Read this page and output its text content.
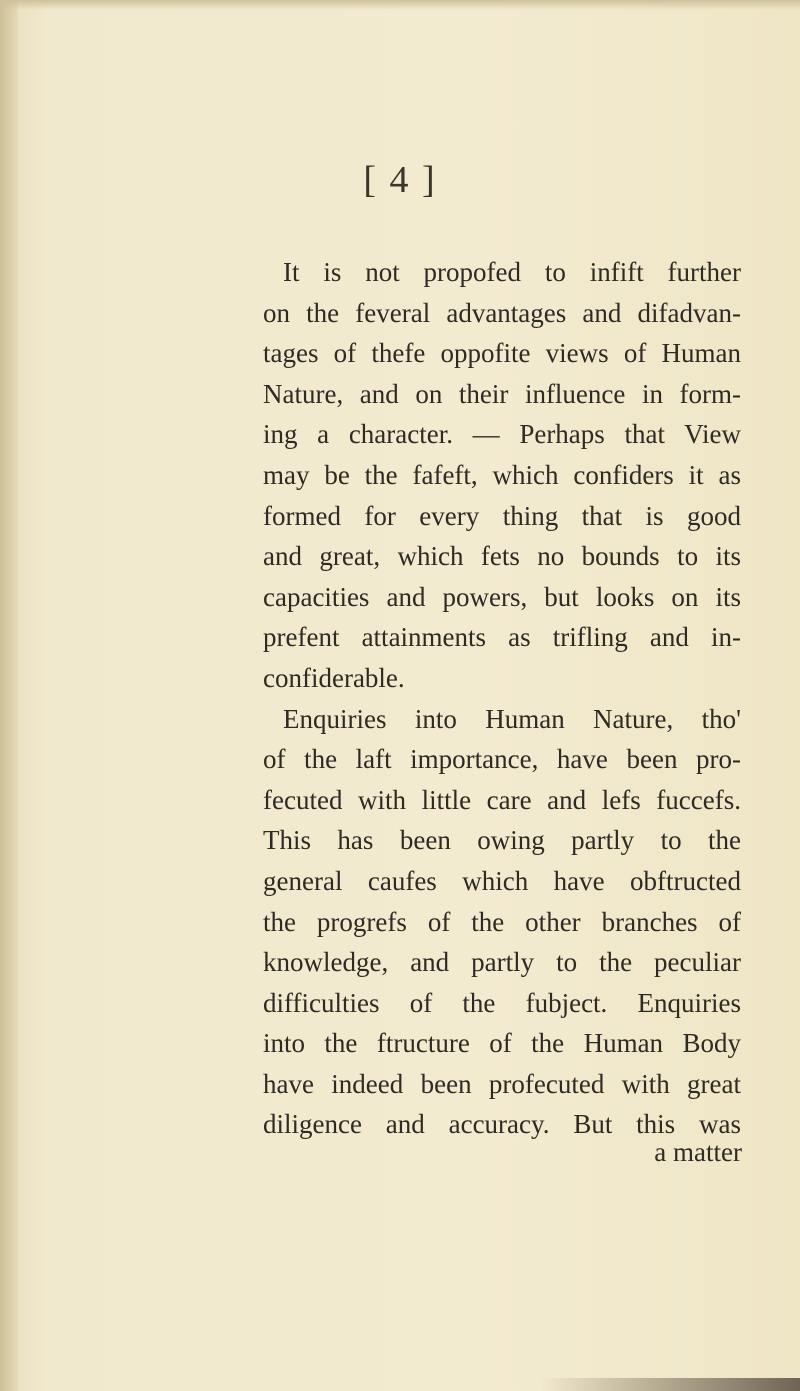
[ 4 ]
It is not propofed to infift further
on the feveral advantages and difadvan-
tages of thefe oppofite views of Human
Nature, and on their influence in form-
ing a character. — Perhaps that View
may be the fafeft, which confiders it as
formed for every thing that is good
and great, which fets no bounds to its
capacities and powers, but looks on its
prefent attainments as trifling and in-
confiderable.
Enquiries into Human Nature, tho'
of the laft importance, have been pro-
fecuted with little care and lefs fuccefs.
This has been owing partly to the
general caufes which have obftructed
the progrefs of the other branches of
knowledge, and partly to the peculiar
difficulties of the fubject. Enquiries
into the ftructure of the Human Body
have indeed been profecuted with great
diligence and accuracy. But this was
a matter
